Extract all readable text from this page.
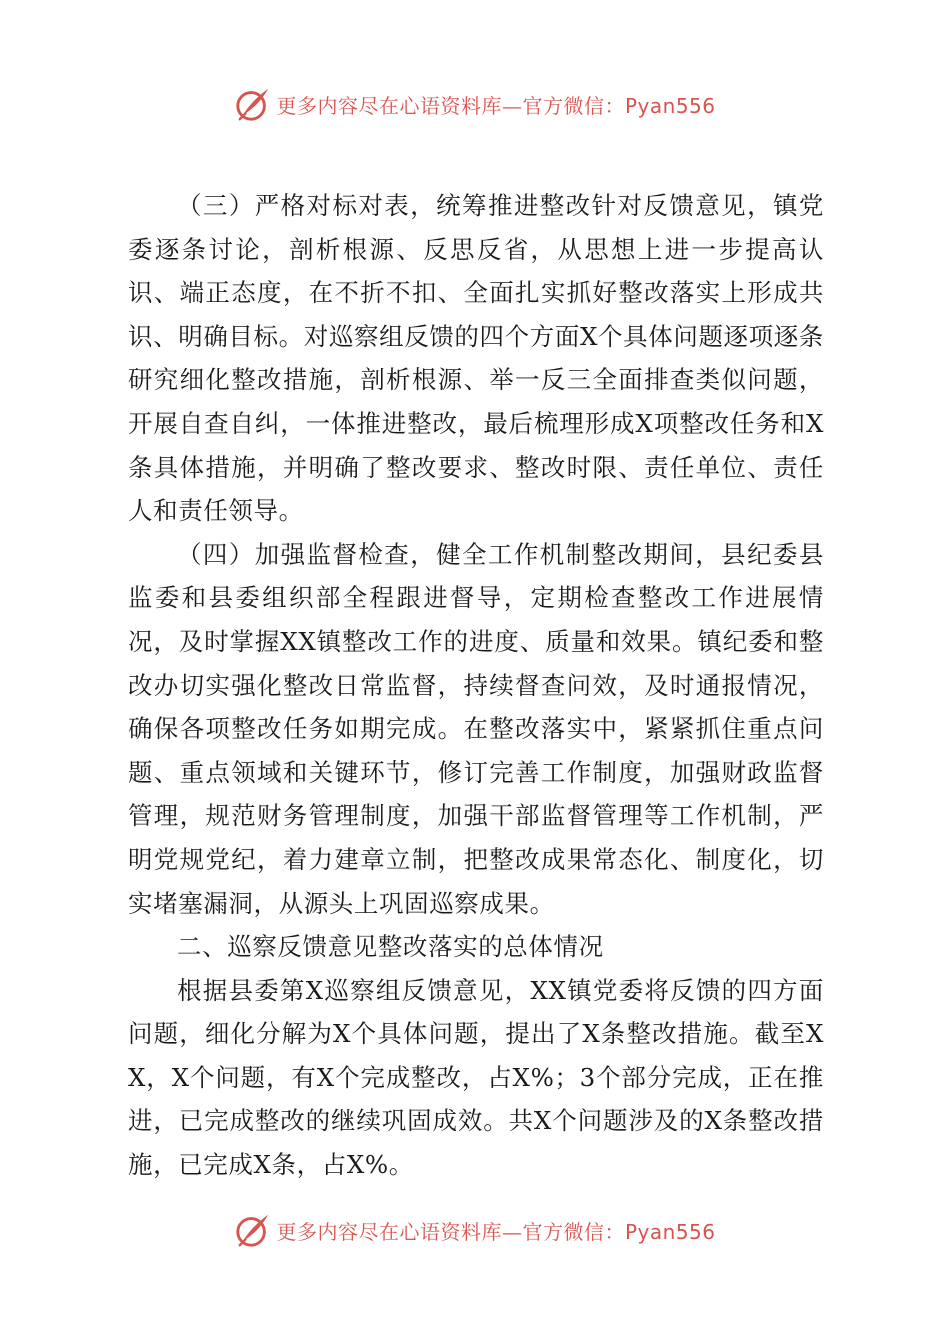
更多内容尽在心语资料库—官方微信：Pyan556

（三）严格对标对表，统筹推进整改针对反馈意见，镇党委逐条讨论，剖析根源、反思反省，从思想上进一步提高认识、端正态度，在不折不扣、全面扎实抓好整改落实上形成共识、明确目标。对巡察组反馈的四个方面X个具体问题逐项逐条研究细化整改措施，剖析根源、举一反三全面排查类似问题，开展自查自纠，一体推进整改，最后梳理形成X项整改任务和X条具体措施，并明确了整改要求、整改时限、责任单位、责任人和责任领导。

（四）加强监督检查，健全工作机制整改期间，县纪委县监委和县委组织部全程跟进督导，定期检查整改工作进展情况，及时掌握XX镇整改工作的进度、质量和效果。镇纪委和整改办切实强化整改日常监督，持续督查问效，及时通报情况，确保各项整改任务如期完成。在整改落实中，紧紧抓住重点问题、重点领域和关键环节，修订完善工作制度，加强财政监督管理，规范财务管理制度，加强干部监督管理等工作机制，严明党规党纪，着力建章立制，把整改成果常态化、制度化，切实堵塞漏洞，从源头上巩固巡察成果。

二、巡察反馈意见整改落实的总体情况

根据县委第X巡察组反馈意见，XX镇党委将反馈的四方面问题，细化分解为X个具体问题，提出了X条整改措施。截至XX，X个问题，有X个完成整改，占X%；3个部分完成，正在推进，已完成整改的继续巩固成效。共X个问题涉及的X条整改措施，已完成X条，占X%。

更多内容尽在心语资料库—官方微信：Pyan556
